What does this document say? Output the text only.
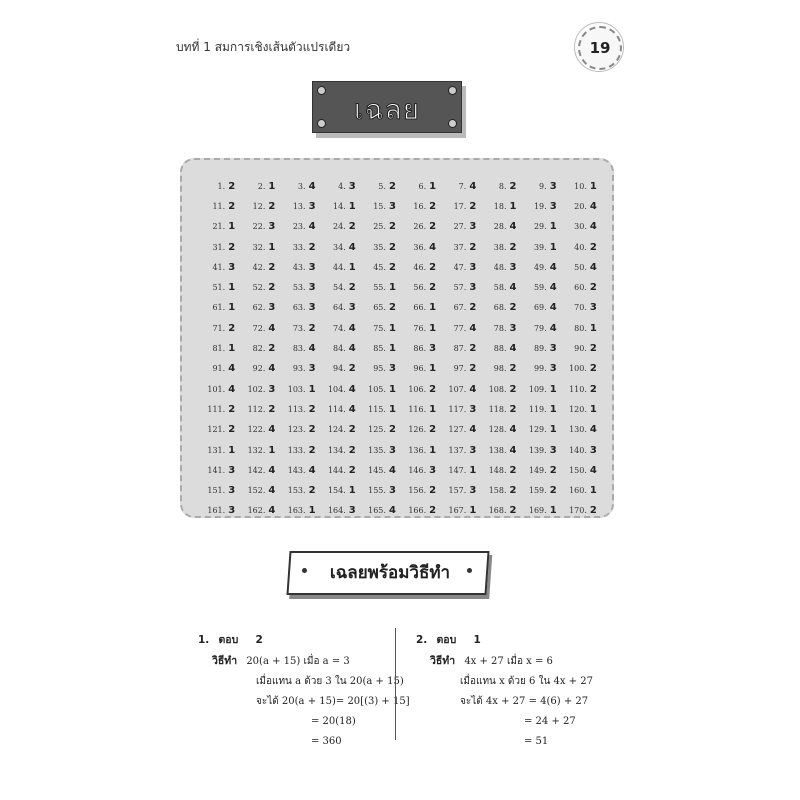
บทที่ 1 สมการเชิงเส้นตัวแปรเดียว	19
เฉลย
1. 2	2. 1	3. 4	4. 3	5. 2	6. 1	7. 4	8. 2	9. 3 10. 1
11. 2 12. 2 13. 3 14. 1 15. 3 16. 2 17. 2 18. 1 19. 3 20. 4
21. 1 22. 3 23. 4 24. 2 25. 2 26. 2 27. 3 28. 4 29. 1 30. 4
31. 2 32. 1 33. 2 34. 4 35. 2 36. 4 37. 2 38. 2 39. 1 40. 2
41. 3 42. 2 43. 3 44. 1 45. 2 46. 2 47. 3 48. 3 49. 4 50. 4
51. 1 52. 2 53. 3 54. 2 55. 1 56. 2 57. 3 58. 4 59. 4 60. 2
61. 1 62. 3 63. 3 64. 3 65. 2 66. 1 67. 2 68. 2 69. 4 70. 3
71. 2 72. 4 73. 2 74. 4 75. 1 76. 1 77. 4 78. 3 79. 4 80. 1
81. 1 82. 2 83. 4 84. 4 85. 1 86. 3 87. 2 88. 4 89. 3 90. 2
91. 4 92. 4 93. 3 94. 2 95. 3 96. 1 97. 2 98. 2 99. 3 100. 2
101. 4 102. 3 103. 1 104. 4 105. 1 106. 2 107. 4 108. 2 109. 1 110. 2
111. 2 112. 2 113. 2 114. 4 115. 1 116. 1 117. 3 118. 2 119. 1 120. 1
121. 2 122. 4 123. 2 124. 2 125. 2 126. 2 127. 4 128. 4 129. 1 130. 4
131. 1 132. 1 133. 2 134. 2 135. 3 136. 1 137. 3 138. 4 139. 3 140. 3
141. 3 142. 4 143. 4 144. 2 145. 4 146. 3 147. 1 148. 2 149. 2 150. 4
151. 3 152. 4 153. 2 154. 1 155. 3 156. 2 157. 3 158. 2 159. 2 160. 1
161. 3 162. 4 163. 1 164. 3 165. 4 166. 2 167. 1 168. 2 169. 1 170. 2
เฉลยพร้อมวิธีทำ
1. ตอบ 2
วิธีทำ 20(a + 15) เมื่อ a = 3
เมื่อแทน a ด้วย 3 ใน 20(a + 15)
จะได้ 20(a + 15)= 20[(3) + 15]
= 20(18)
= 360
2. ตอบ 1
วิธีทำ 4x + 27 เมื่อ x = 6
เมื่อแทน x ด้วย 6 ใน 4x + 27
จะได้ 4x + 27 = 4(6) + 27
= 24 + 27
= 51
